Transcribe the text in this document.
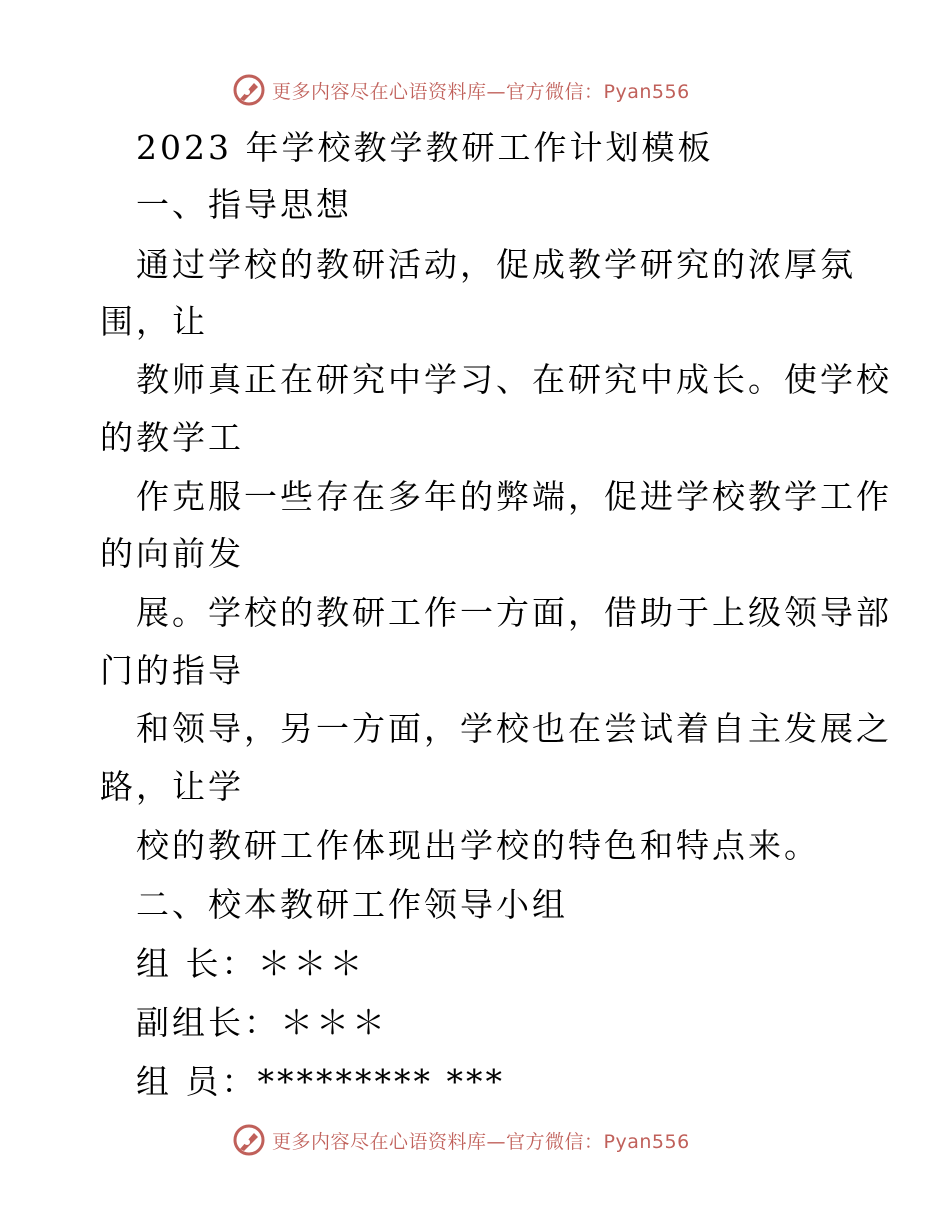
更多内容尽在心语资料库—官方微信：Pyan556
2023 年学校教学教研工作计划模板
一、指导思想
通过学校的教研活动，促成教学研究的浓厚氛
围，让
教师真正在研究中学习、在研究中成长。使学校
的教学工
作克服一些存在多年的弊端，促进学校教学工作
的向前发
展。学校的教研工作一方面，借助于上级领导部
门的指导
和领导，另一方面，学校也在尝试着自主发展之
路，让学
校的教研工作体现出学校的特色和特点来。
二、校本教研工作领导小组
组 长：＊＊＊
副组长：＊＊＊
组 员：********* ***
更多内容尽在心语资料库—官方微信：Pyan556
